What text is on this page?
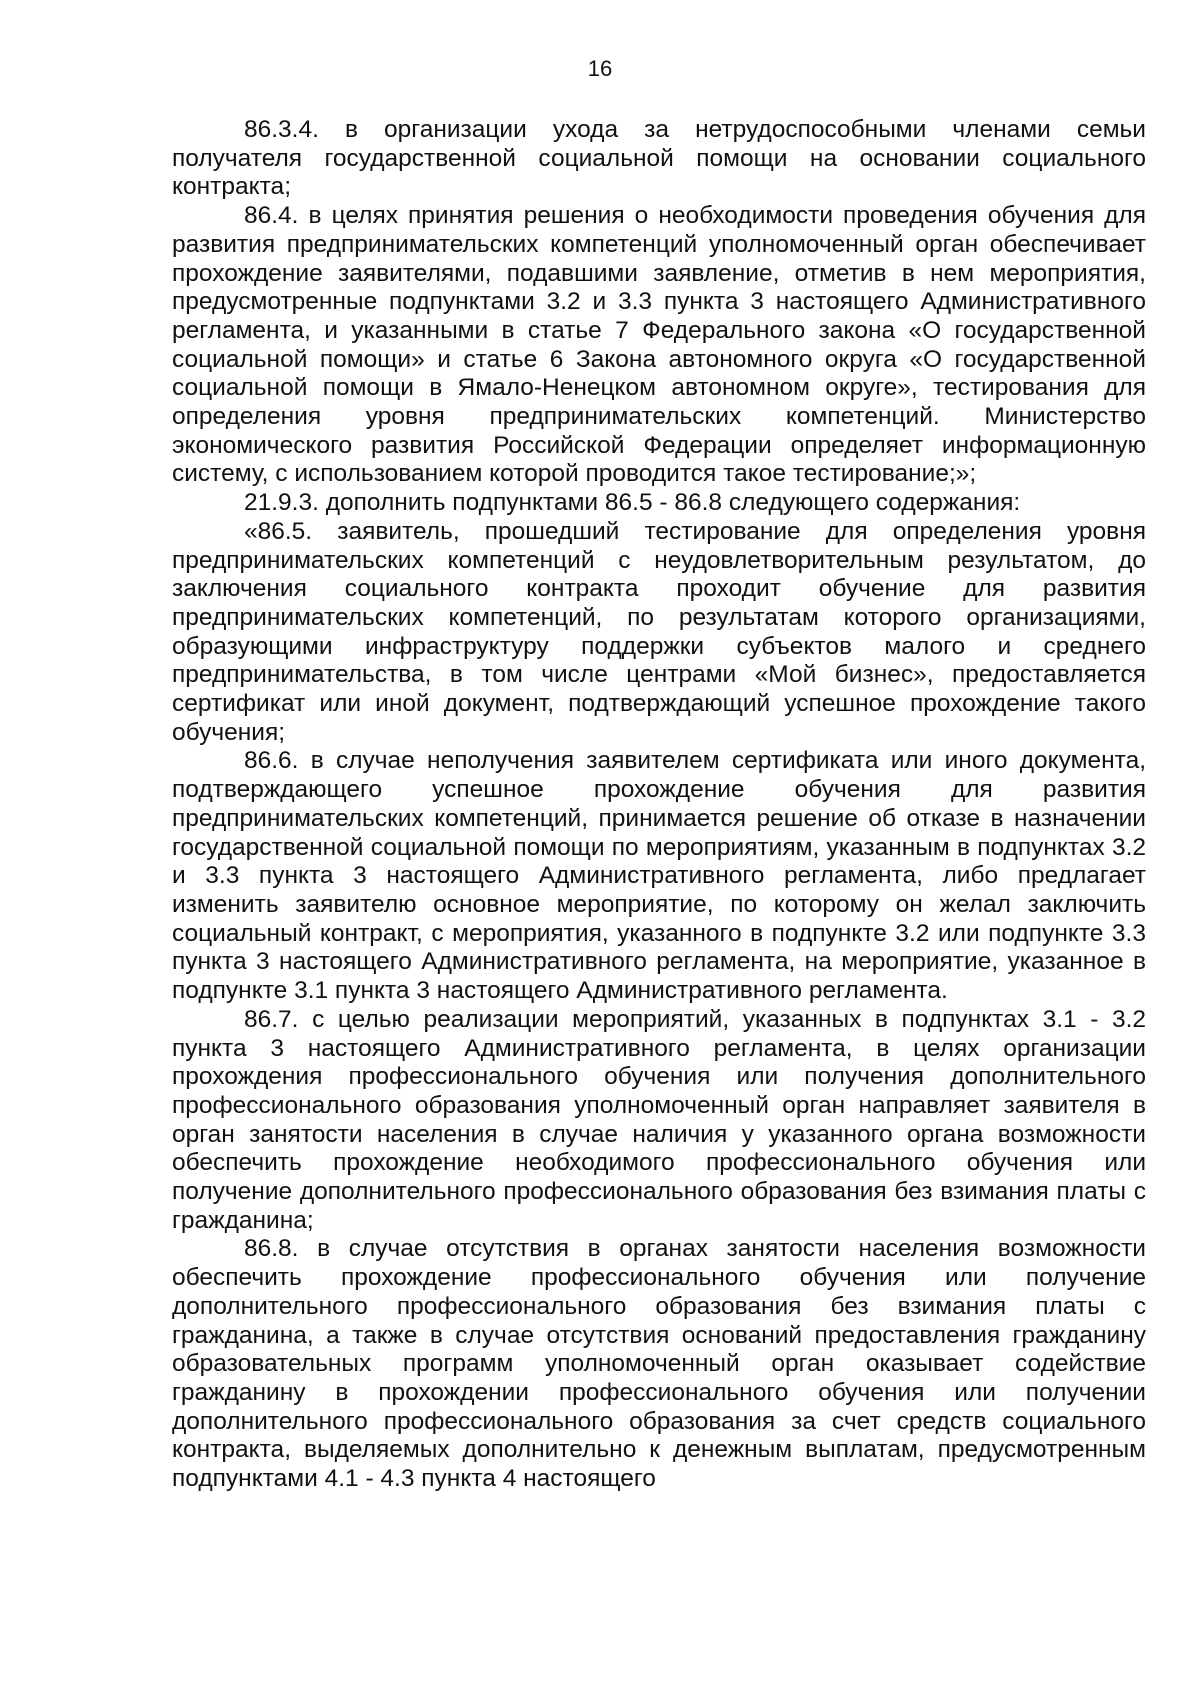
16

86.3.4. в организации ухода за нетрудоспособными членами семьи получателя государственной социальной помощи на основании социального контракта;

86.4. в целях принятия решения о необходимости проведения обучения для развития предпринимательских компетенций уполномоченный орган обеспечивает прохождение заявителями, подавшими заявление, отметив в нем мероприятия, предусмотренные подпунктами 3.2 и 3.3 пункта 3 настоящего Административного регламента, и указанными в статье 7 Федерального закона «О государственной социальной помощи» и статье 6 Закона автономного округа «О государственной социальной помощи в Ямало-Ненецком автономном округе», тестирования для определения уровня предпринимательских компетенций. Министерство экономического развития Российской Федерации определяет информационную систему, с использованием которой проводится такое тестирование;»;

21.9.3. дополнить подпунктами 86.5 - 86.8 следующего содержания:

«86.5. заявитель, прошедший тестирование для определения уровня предпринимательских компетенций с неудовлетворительным результатом, до заключения социального контракта проходит обучение для развития предпринимательских компетенций, по результатам которого организациями, образующими инфраструктуру поддержки субъектов малого и среднего предпринимательства, в том числе центрами «Мой бизнес», предоставляется сертификат или иной документ, подтверждающий успешное прохождение такого обучения;

86.6. в случае неполучения заявителем сертификата или иного документа, подтверждающего успешное прохождение обучения для развития предпринимательских компетенций, принимается решение об отказе в назначении государственной социальной помощи по мероприятиям, указанным в подпунктах 3.2 и 3.3 пункта 3 настоящего Административного регламента, либо предлагает изменить заявителю основное мероприятие, по которому он желал заключить социальный контракт, с мероприятия, указанного в подпункте 3.2 или подпункте 3.3 пункта 3 настоящего Административного регламента, на мероприятие, указанное в подпункте 3.1 пункта 3 настоящего Административного регламента.

86.7. с целью реализации мероприятий, указанных в подпунктах 3.1 - 3.2 пункта 3 настоящего Административного регламента, в целях организации прохождения профессионального обучения или получения дополнительного профессионального образования уполномоченный орган направляет заявителя в орган занятости населения в случае наличия у указанного органа возможности обеспечить прохождение необходимого профессионального обучения или получение дополнительного профессионального образования без взимания платы с гражданина;

86.8. в случае отсутствия в органах занятости населения возможности обеспечить прохождение профессионального обучения или получение дополнительного профессионального образования без взимания платы с гражданина, а также в случае отсутствия оснований предоставления гражданину образовательных программ уполномоченный орган оказывает содействие гражданину в прохождении профессионального обучения или получении дополнительного профессионального образования за счет средств социального контракта, выделяемых дополнительно к денежным выплатам, предусмотренным подпунктами 4.1 - 4.3 пункта 4 настоящего
